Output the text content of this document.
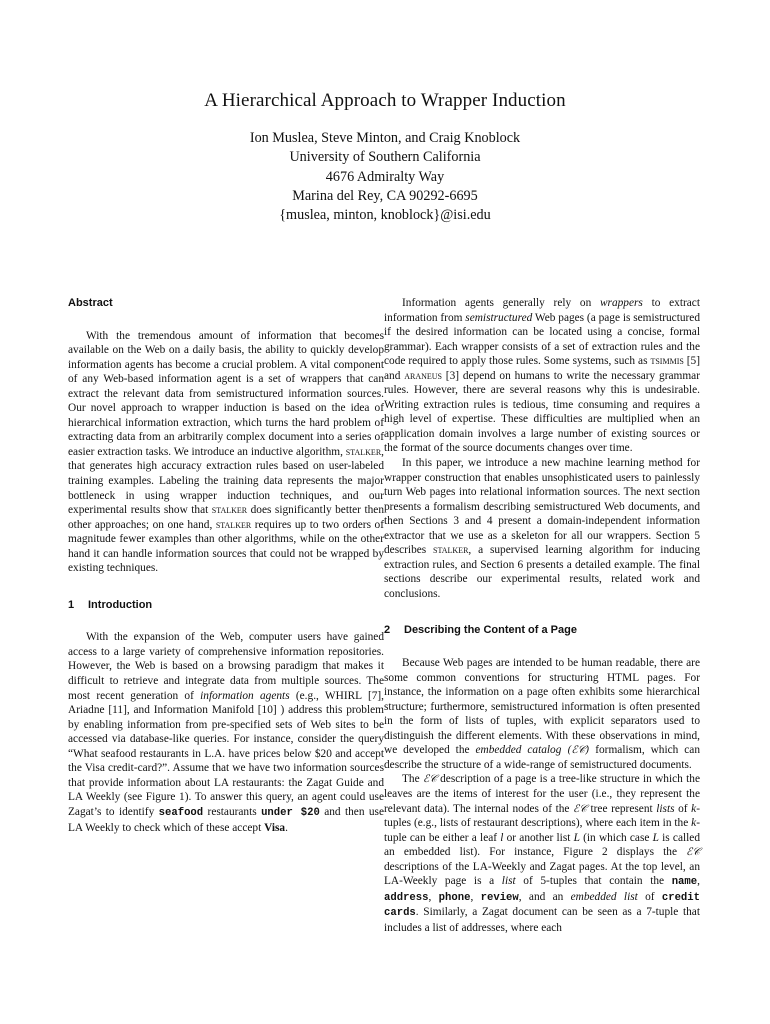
A Hierarchical Approach to Wrapper Induction
Ion Muslea, Steve Minton, and Craig Knoblock
University of Southern California
4676 Admiralty Way
Marina del Rey, CA 90292-6695
{muslea, minton, knoblock}@isi.edu
Abstract

With the tremendous amount of information that becomes available on the Web on a daily basis, the ability to quickly develop information agents has become a crucial problem. A vital component of any Web-based information agent is a set of wrappers that can extract the relevant data from semistructured information sources. Our novel approach to wrapper induction is based on the idea of hierarchical information extraction, which turns the hard problem of extracting data from an arbitrarily complex document into a series of easier extraction tasks. We introduce an inductive algorithm, stalker, that generates high accuracy extraction rules based on user-labeled training examples. Labeling the training data represents the major bottleneck in using wrapper induction techniques, and our experimental results show that stalker does significantly better then other approaches; on one hand, stalker requires up to two orders of magnitude fewer examples than other algorithms, while on the other hand it can handle information sources that could not be wrapped by existing techniques.

1 Introduction

With the expansion of the Web, computer users have gained access to a large variety of comprehensive information repositories. However, the Web is based on a browsing paradigm that makes it difficult to retrieve and integrate data from multiple sources. The most recent generation of information agents (e.g., WHIRL [7], Ariadne [11], and Information Manifold [10] ) address this problem by enabling information from pre-specified sets of Web sites to be accessed via database-like queries. For instance, consider the query “What seafood restaurants in L.A. have prices below $20 and accept the Visa credit-card?”. Assume that we have two information sources that provide information about LA restaurants: the Zagat Guide and LA Weekly (see Figure 1). To answer this query, an agent could use Zagat’s to identify seafood restaurants under $20 and then use LA Weekly to check which of these accept Visa.

Information agents generally rely on wrappers to extract information from semistructured Web pages (a page is semistructured if the desired information can be located using a concise, formal grammar). Each wrapper consists of a set of extraction rules and the code required to apply those rules. Some systems, such as tsimmis [5] and araneus [3] depend on humans to write the necessary grammar rules. However, there are several reasons why this is undesirable. Writing extraction rules is tedious, time consuming and requires a high level of expertise. These difficulties are multiplied when an application domain involves a large number of existing sources or the format of the source documents changes over time.

In this paper, we introduce a new machine learning method for wrapper construction that enables unsophisticated users to painlessly turn Web pages into relational information sources. The next section presents a formalism describing semistructured Web documents, and then Sections 3 and 4 present a domain-independent information extractor that we use as a skeleton for all our wrappers. Section 5 describes stalker, a supervised learning algorithm for inducing extraction rules, and Section 6 presents a detailed example. The final sections describe our experimental results, related work and conclusions.

2 Describing the Content of a Page

Because Web pages are intended to be human readable, there are some common conventions for structuring HTML pages. For instance, the information on a page often exhibits some hierarchical structure; furthermore, semistructured information is often presented in the form of lists of tuples, with explicit separators used to distinguish the different elements. With these observations in mind, we developed the embedded catalog (ℰ𝒞) formalism, which can describe the structure of a wide-range of semistructured documents.

The ℰ𝒞 description of a page is a tree-like structure in which the leaves are the items of interest for the user (i.e., they represent the relevant data). The internal nodes of the ℰ𝒞 tree represent lists of k-tuples (e.g., lists of restaurant descriptions), where each item in the k-tuple can be either a leaf l or another list L (in which case L is called an embedded list). For instance, Figure 2 displays the ℰ𝒞 descriptions of the LA-Weekly and Zagat pages. At the top level, an LA-Weekly page is a list of 5-tuples that contain the name, address, phone, review, and an embedded list of credit cards. Similarly, a Zagat document can be seen as a 7-tuple that includes a list of addresses, where each
